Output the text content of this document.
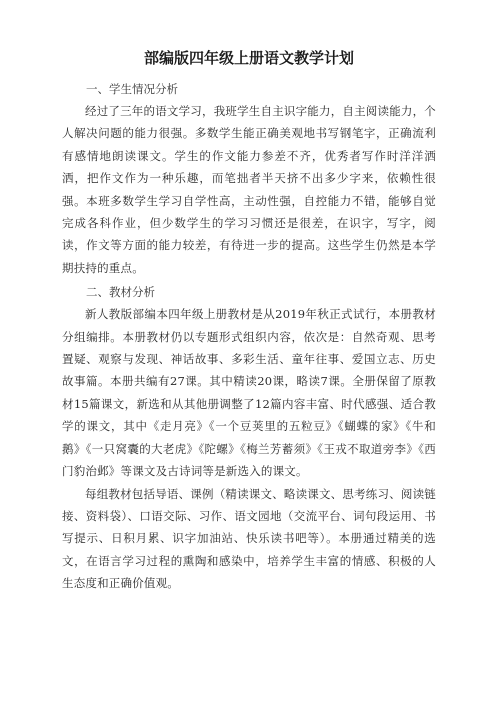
部编版四年级上册语文教学计划

一、学生情况分析

经过了三年的语文学习，我班学生自主识字能力，自主阅读能力，个人解决问题的能力很强。多数学生能正确美观地书写钢笔字，正确流利有感情地朗读课文。学生的作文能力参差不齐，优秀者写作时洋洋洒洒，把作文作为一种乐趣，而笔拙者半天挤不出多少字来，依赖性很强。本班多数学生学习自学性高，主动性强，自控能力不错，能够自觉完成各科作业，但少数学生的学习习惯还是很差，在识字，写字，阅读，作文等方面的能力较差，有待进一步的提高。这些学生仍然是本学期扶持的重点。

二、教材分析

新人教版部编本四年级上册教材是从2019年秋正式试行，本册教材分组编排。本册教材仍以专题形式组织内容，依次是：自然奇观、思考置疑、观察与发现、神话故事、多彩生活、童年往事、爱国立志、历史故事篇。本册共编有27课。其中精读20课，略读7课。全册保留了原教材15篇课文，新选和从其他册调整了12篇内容丰富、时代感强、适合教学的课文，其中《走月亮》《一个豆荚里的五粒豆》《蝴蝶的家》《牛和鹅》《一只窝囊的大老虎》《陀螺》《梅兰芳蓄须》《王戎不取道旁李》《西门豹治邺》等课文及古诗词等是新选入的课文。

每组教材包括导语、课例（精读课文、略读课文、思考练习、阅读链接、资料袋）、口语交际、习作、语文园地（交流平台、词句段运用、书写提示、日积月累、识字加油站、快乐读书吧等）。本册通过精美的选文，在语言学习过程的熏陶和感染中，培养学生丰富的情感、积极的人生态度和正确价值观。
